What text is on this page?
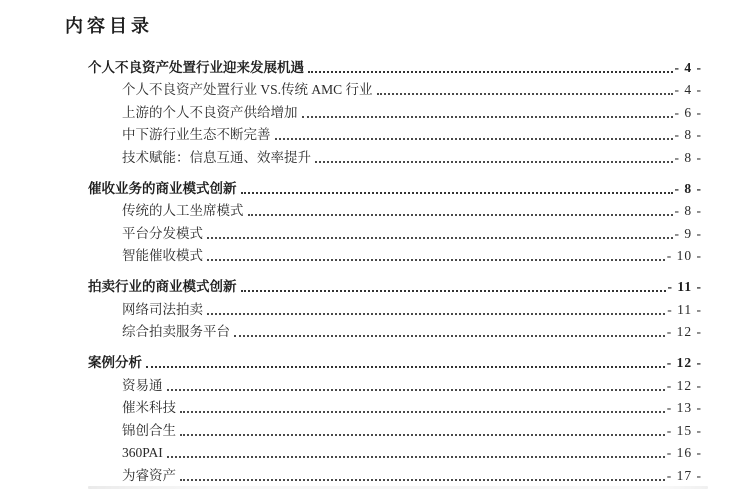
内容目录
个人不良资产处置行业迎来发展机遇	- 4 -
个人不良资产处置行业 VS.传统 AMC 行业	- 4 -
上游的个人不良资产供给增加	- 6 -
中下游行业生态不断完善	- 8 -
技术赋能：信息互通、效率提升	- 8 -
催收业务的商业模式创新	- 8 -
传统的人工坐席模式	- 8 -
平台分发模式	- 9 -
智能催收模式	- 10 -
拍卖行业的商业模式创新	- 11 -
网络司法拍卖	- 11 -
综合拍卖服务平台	- 12 -
案例分析	- 12 -
资易通	- 12 -
催米科技	- 13 -
锦创合生	- 15 -
360PAI	- 16 -
为睿资产	- 17 -
